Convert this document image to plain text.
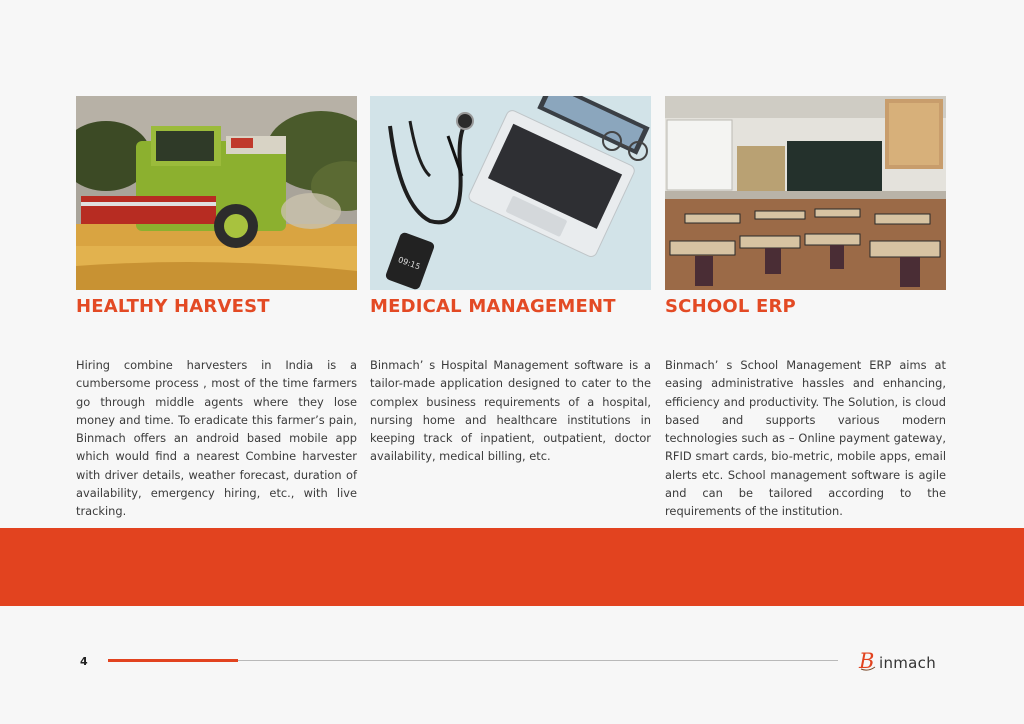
HEALTHY HARVEST

Hiring combine harvesters in India is a cumbersome process , most of the time farmers go through middle agents where they lose money and time. To eradicate this farmer’s pain, Binmach offers an android based mobile app which would find a nearest Combine harvester with driver details, weather forecast, duration of availability, emergency hiring, etc., with live tracking.

09:15
MEDICAL MANAGEMENT

Binmach’ s Hospital Management software is a tailor-made application designed to cater to the complex business requirements of a hospital, nursing home and healthcare institutions in keeping track of inpatient, outpatient, doctor availability, medical billing, etc.

SCHOOL ERP

Binmach’ s School Management ERP aims at easing administrative hassles and enhancing, efficiency and productivity. The Solution, is cloud based and supports various modern technologies such as – Online payment gateway, RFID smart cards, bio-metric, mobile apps, email alerts etc. School management software is agile and can be tailored according to the requirements of the institution.

4	B inmach
